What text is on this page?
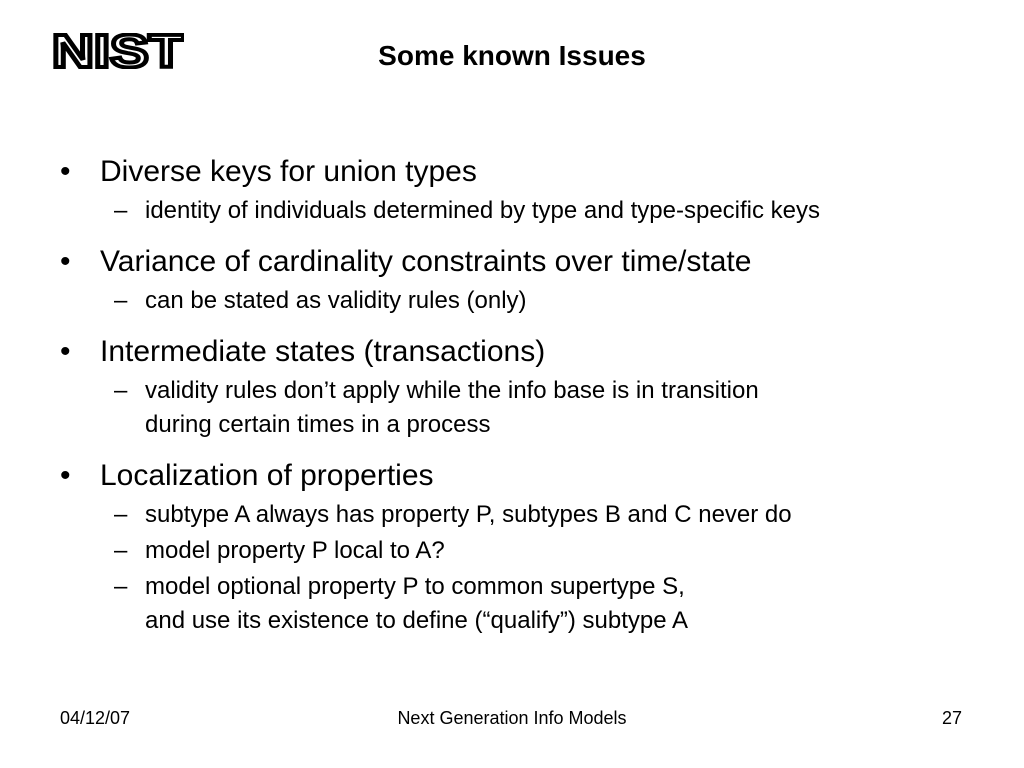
NIST	Some known Issues
• Diverse keys for union types
– identity of individuals determined by type and type-specific keys
• Variance of cardinality constraints over time/state
– can be stated as validity rules (only)
• Intermediate states (transactions)
– validity rules don’t apply while the info base is in transition
during certain times in a process
• Localization of properties
– subtype A always has property P, subtypes B and C never do
– model property P local to A?
– model optional property P to common supertype S,
and use its existence to define (“qualify”) subtype A
04/12/07	Next Generation Info Models	27
